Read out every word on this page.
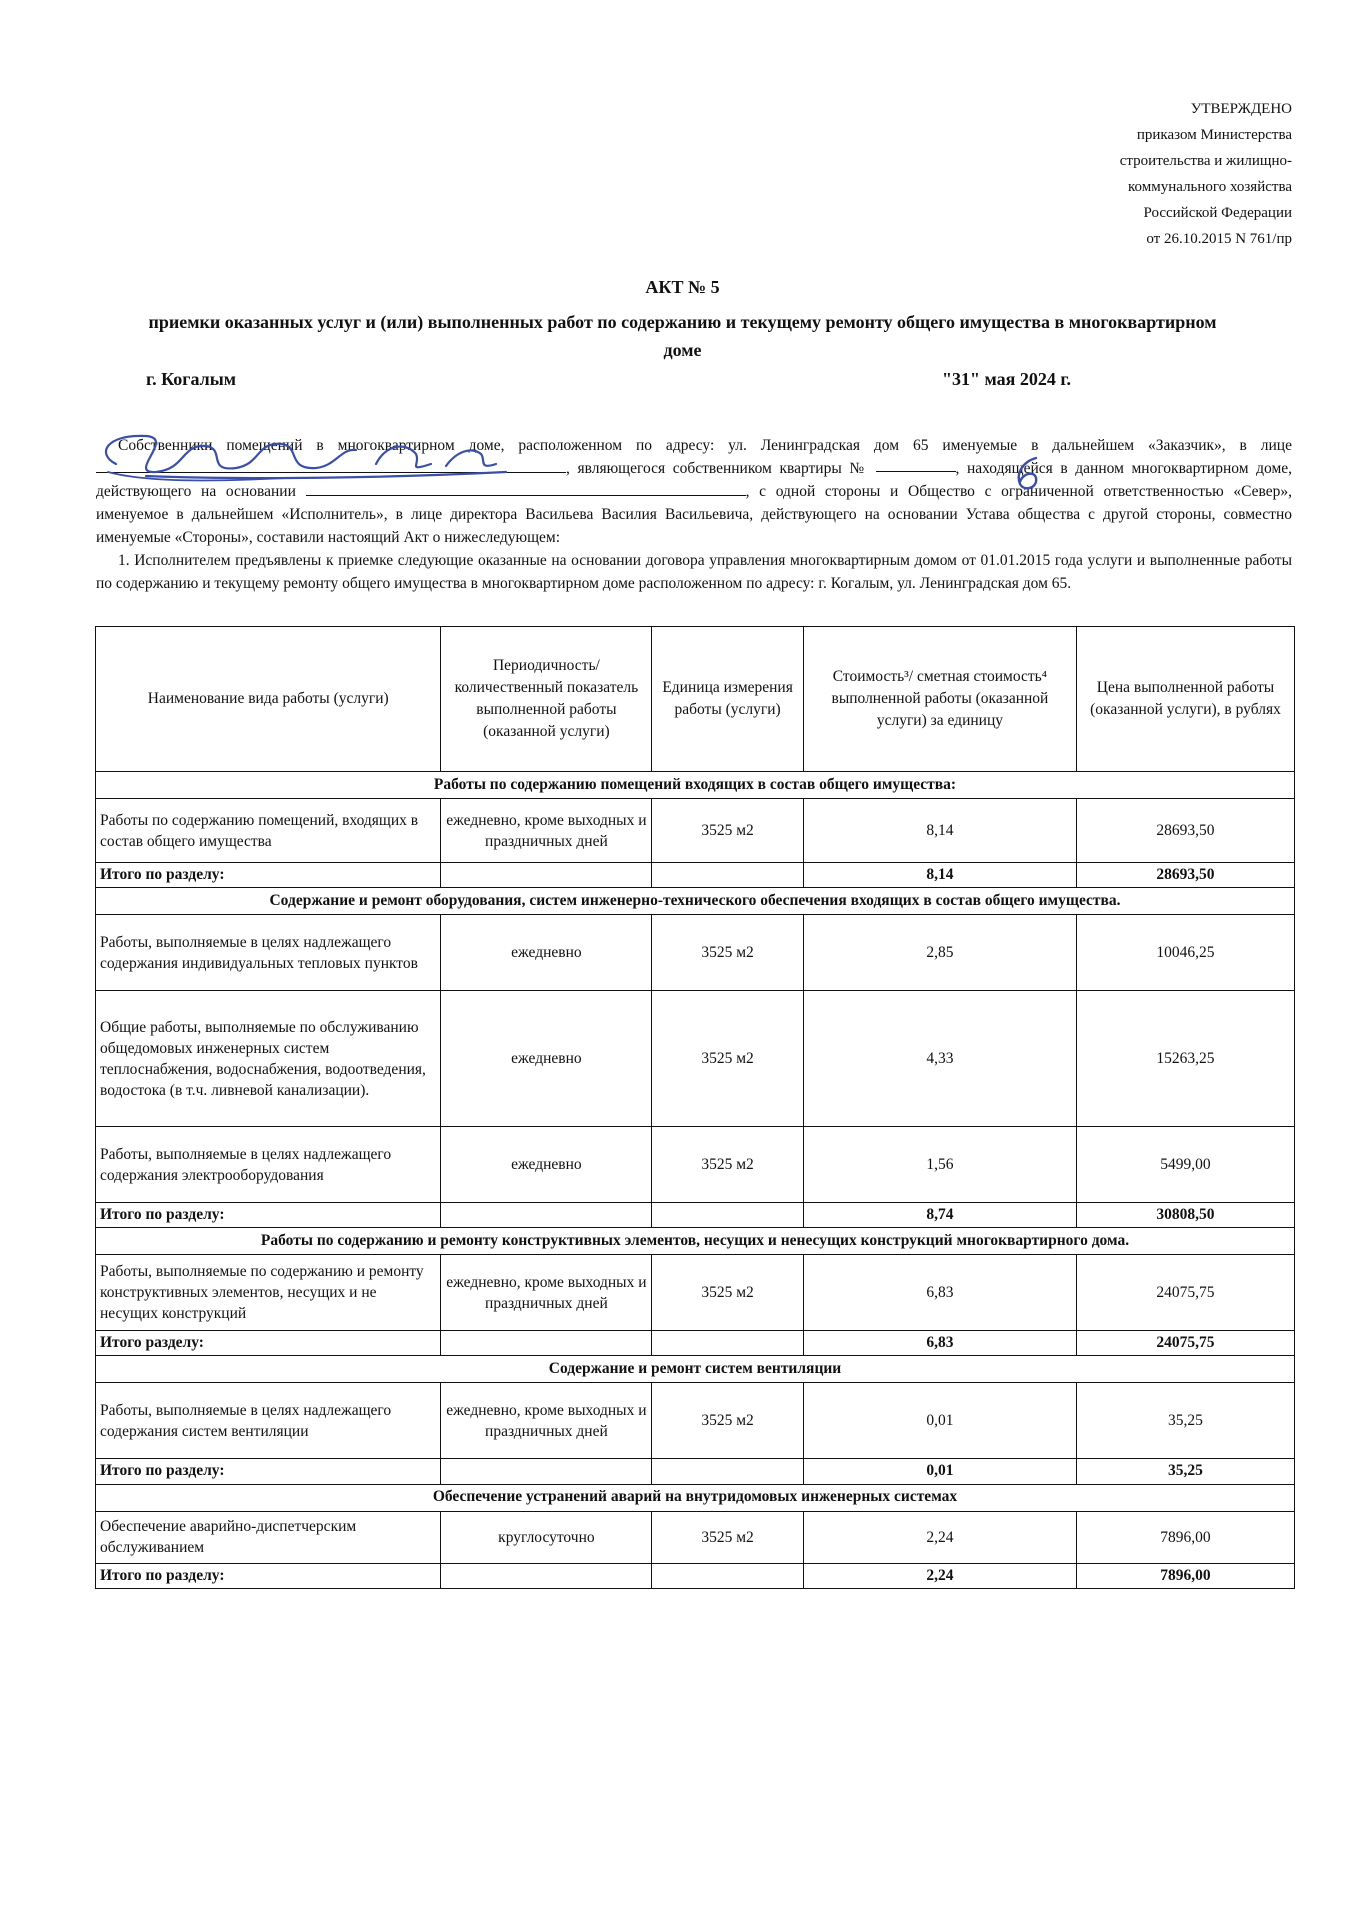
УТВЕРЖДЕНО
приказом Министерства
строительства и жилищно-
коммунального хозяйства
Российской Федерации
от 26.10.2015 N 761/пр
АКТ № 5
приемки оказанных услуг и (или) выполненных работ по содержанию и текущему ремонту общего имущества в многоквартирном доме
г. Когалым	"31" мая 2024 г.

Собственники помещений в многоквартирном доме, расположенном по адресу: ул. Ленинградская дом 65 именуемые в дальнейшем «Заказчик», в лице , являющегося собственником квартиры №	, находящейся в данном многоквартирном доме, действующего на основании	, с одной стороны и Общество с ограниченной ответственностью «Север», именуемое в дальнейшем «Исполнитель», в лице директора Васильева Василия Васильевича, действующего на основании Устава общества с другой стороны, совместно именуемые «Стороны», составили настоящий Акт о нижеследующем:

1. Исполнителем предъявлены к приемке следующие оказанные на основании договора управления многоквартирным домом от 01.01.2015 года услуги и выполненные работы по содержанию и текущему ремонту общего имущества в многоквартирном доме расположенном по адресу: г. Когалым, ул. Ленинградская дом 65.

Наименование вида работы (услуги)	Периодичность/ количественный показатель выполненной работы (оказанной услуги)	Единица измерения работы (услуги)	Стоимость³/ сметная стоимость⁴ выполненной работы (оказанной услуги) за единицу	Цена выполненной работы (оказанной услуги), в рублях
Работы по содержанию помещений входящих в состав общего имущества:				
Работы по содержанию помещений, входящих в состав общего имущества	ежедневно, кроме выходных и праздничных дней	3525 м2	8,14	28693,50
Итого по разделу:			8,14	28693,50
Содержание и ремонт оборудования, систем инженерно-технического обеспечения входящих в состав общего имущества.				
Работы, выполняемые в целях надлежащего содержания индивидуальных тепловых пунктов	ежедневно	3525 м2	2,85	10046,25
Общие работы, выполняемые по обслуживанию общедомовых инженерных систем теплоснабжения, водоснабжения, водоотведения, водостока (в т.ч. ливневой канализации).	ежедневно	3525 м2	4,33	15263,25
Работы, выполняемые в целях надлежащего содержания электрооборудования	ежедневно	3525 м2	1,56	5499,00
Итого по разделу:			8,74	30808,50
Работы по содержанию и ремонту конструктивных элементов, несущих и ненесущих конструкций многоквартирного дома.				
Работы, выполняемые по содержанию и ремонту конструктивных элементов, несущих и не несущих конструкций	ежедневно, кроме выходных и праздничных дней	3525 м2	6,83	24075,75
Итого разделу:			6,83	24075,75
Содержание и ремонт систем вентиляции				
Работы, выполняемые в целях надлежащего содержания систем вентиляции	ежедневно, кроме выходных и праздничных дней	3525 м2	0,01	35,25
Итого по разделу:			0,01	35,25
Обеспечение устранений аварий на внутридомовых инженерных системах				
Обеспечение аварийно-диспетчерским обслуживанием	круглосуточно	3525 м2	2,24	7896,00
Итого по разделу:			2,24	7896,00
